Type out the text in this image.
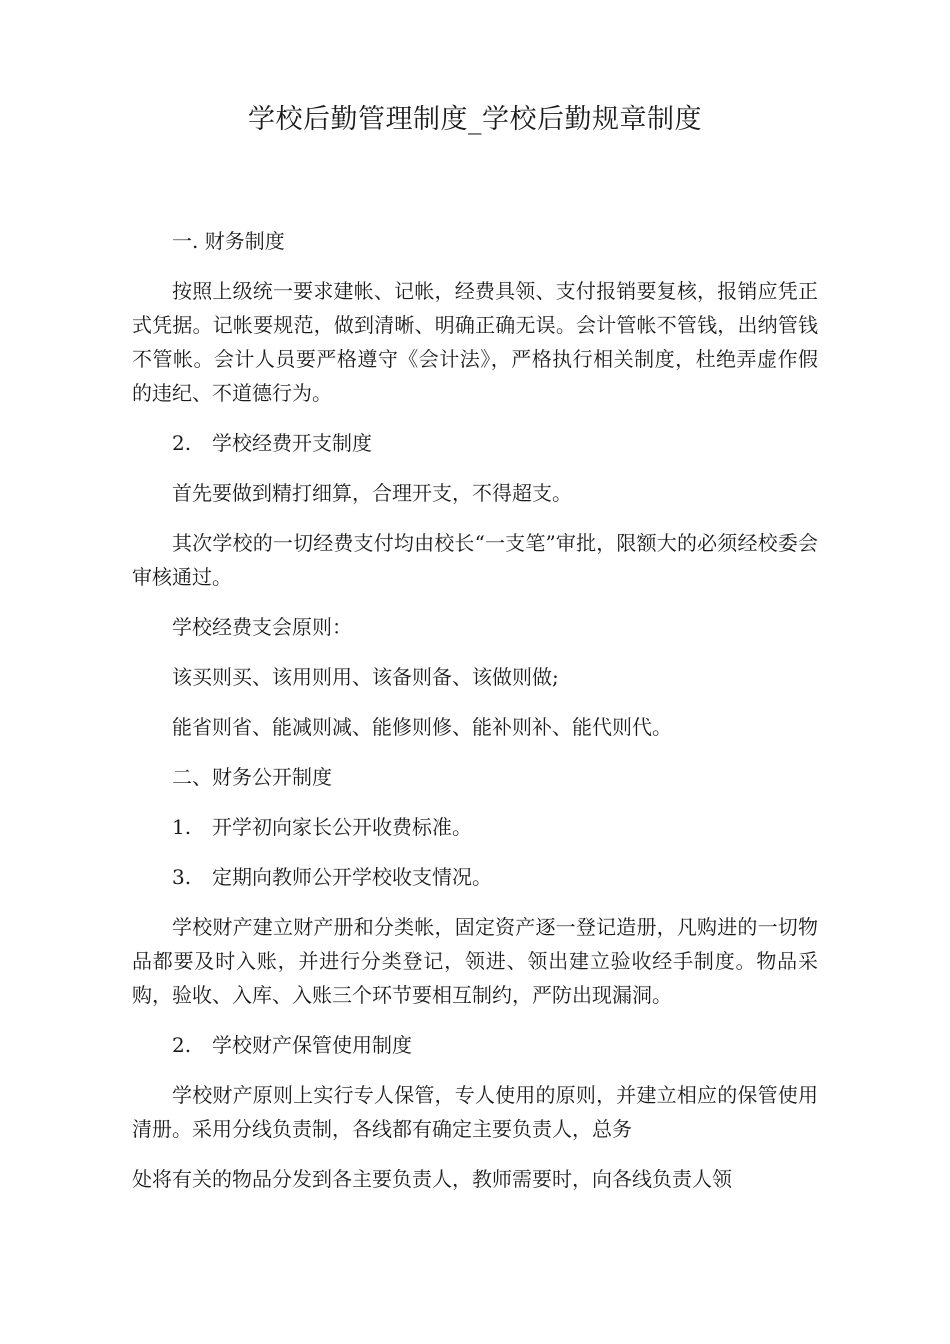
学校后勤管理制度_学校后勤规章制度

一. 财务制度

按照上级统一要求建帐、记帐，经费具领、支付报销要复核，报销应凭正式凭据。记帐要规范，做到清晰、明确正确无误。会计管帐不管钱，出纳管钱不管帐。会计人员要严格遵守《会计法》，严格执行相关制度，杜绝弄虚作假的违纪、不道德行为。

2. 学校经费开支制度

首先要做到精打细算，合理开支，不得超支。

其次学校的一切经费支付均由校长“一支笔”审批，限额大的必须经校委会审核通过。

学校经费支会原则：

该买则买、该用则用、该备则备、该做则做;

能省则省、能减则减、能修则修、能补则补、能代则代。

二、财务公开制度

1. 开学初向家长公开收费标准。

3. 定期向教师公开学校收支情况。

学校财产建立财产册和分类帐，固定资产逐一登记造册，凡购进的一切物品都要及时入账，并进行分类登记，领进、领出建立验收经手制度。物品采购，验收、入库、入账三个环节要相互制约，严防出现漏洞。

2. 学校财产保管使用制度

学校财产原则上实行专人保管，专人使用的原则，并建立相应的保管使用清册。采用分线负责制，各线都有确定主要负责人，总务

处将有关的物品分发到各主要负责人，教师需要时，向各线负责人领
